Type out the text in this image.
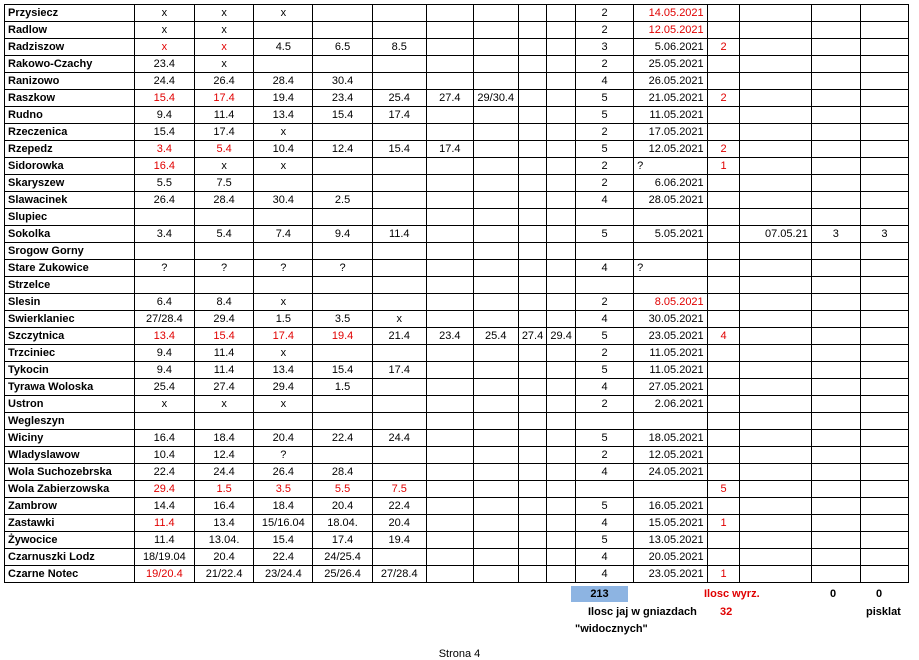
Przysiecz	x	x	x							2	14.05.2021				
Radlow	x	x								2	12.05.2021				
Radziszow	x	x	4.5	6.5	8.5					3	5.06.2021	2			
Rakowo-Czachy	23.4	x								2	25.05.2021				
Ranizowo	24.4	26.4	28.4	30.4						4	26.05.2021				
Raszkow	15.4	17.4	19.4	23.4	25.4	27.4	29/30.4			5	21.05.2021	2			
Rudno	9.4	11.4	13.4	15.4	17.4					5	11.05.2021				
Rzeczenica	15.4	17.4	x							2	17.05.2021				
Rzepedz	3.4	5.4	10.4	12.4	15.4	17.4				5	12.05.2021	2			
Sidorowka	16.4	x	x							2	?	1			
Skaryszew	5.5	7.5								2	6.06.2021				
Slawacinek	26.4	28.4	30.4	2.5						4	28.05.2021				
Slupiec															
Sokolka	3.4	5.4	7.4	9.4	11.4					5	5.05.2021		07.05.21	3	3
Srogow Gorny															
Stare Zukowice	?	?	?	?						4	?				
Strzelce															
Slesin	6.4	8.4	x							2	8.05.2021				
Swierklaniec	27/28.4	29.4	1.5	3.5	x					4	30.05.2021				
Szczytnica	13.4	15.4	17.4	19.4	21.4	23.4	25.4	27.4	29.4	5	23.05.2021	4			
Trzciniec	9.4	11.4	x							2	11.05.2021				
Tykocin	9.4	11.4	13.4	15.4	17.4					5	11.05.2021				
Tyrawa Woloska	25.4	27.4	29.4	1.5						4	27.05.2021				
Ustron	x	x	x							2	2.06.2021				
Wegleszyn															
Wiciny	16.4	18.4	20.4	22.4	24.4					5	18.05.2021				
Wladyslawow	10.4	12.4	?							2	12.05.2021				
Wola Suchozebrska	22.4	24.4	26.4	28.4						4	24.05.2021				
Wola Zabierzowska	29.4	1.5	3.5	5.5	7.5							5			
Zambrow	14.4	16.4	18.4	20.4	22.4					5	16.05.2021				
Zastawki	11.4	13.4	15/16.04	18.04.	20.4					4	15.05.2021	1			
Żywocice	11.4	13.04.	15.4	17.4	19.4					5	13.05.2021				
Czarnuszki Lodz	18/19.04	20.4	22.4	24/25.4						4	20.05.2021				
Czarne Notec	19/20.4	21/22.4	23/24.4	25/26.4	27/28.4					4	23.05.2021	1			
213	Ilosc wyrz.	0	0
Ilosc jaj w gniazdach 32	pisklat
"widocznych"
Strona 4
